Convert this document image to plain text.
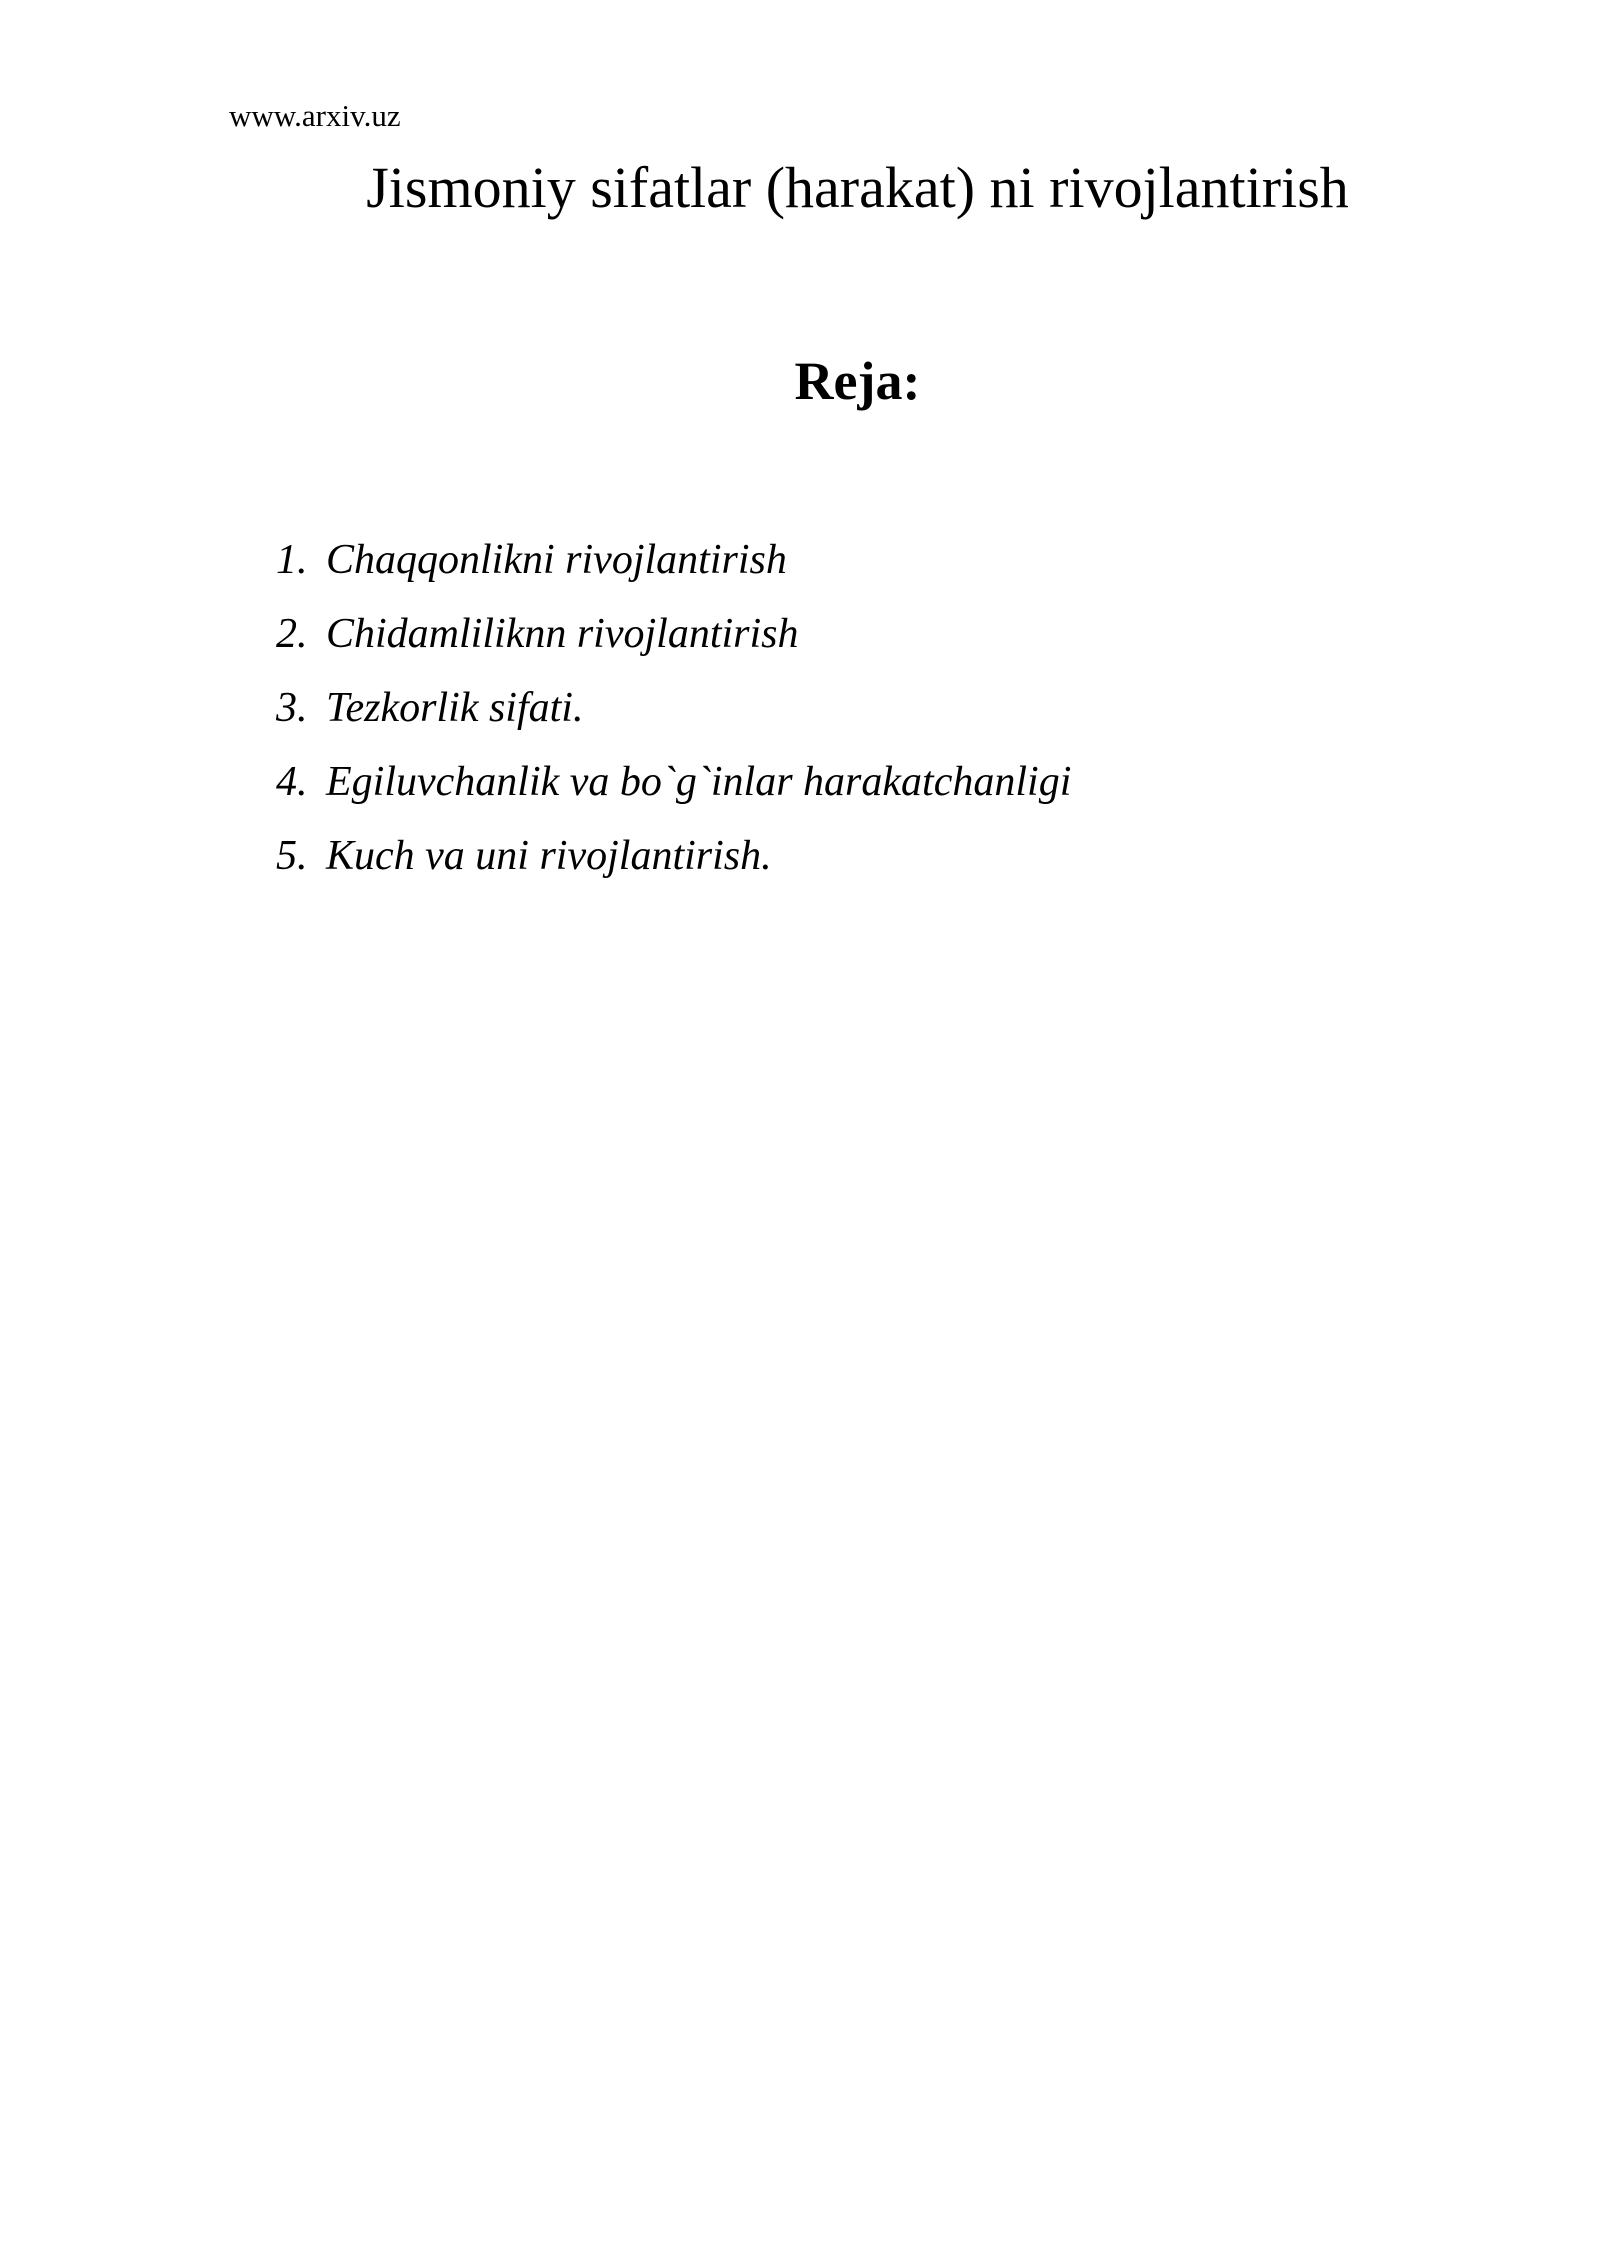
www.arxiv.uz
Jismoniy sifatlar (harakat) ni rivojlantirish
Reja:
1. Chaqqonlikni rivojlantirish
2. Chidamliliknn rivojlantirish
3. Tezkorlik sifati.
4. Egiluvchanlik va bo`g`inlar harakatchanligi
5. Kuch va uni rivojlantirish.
